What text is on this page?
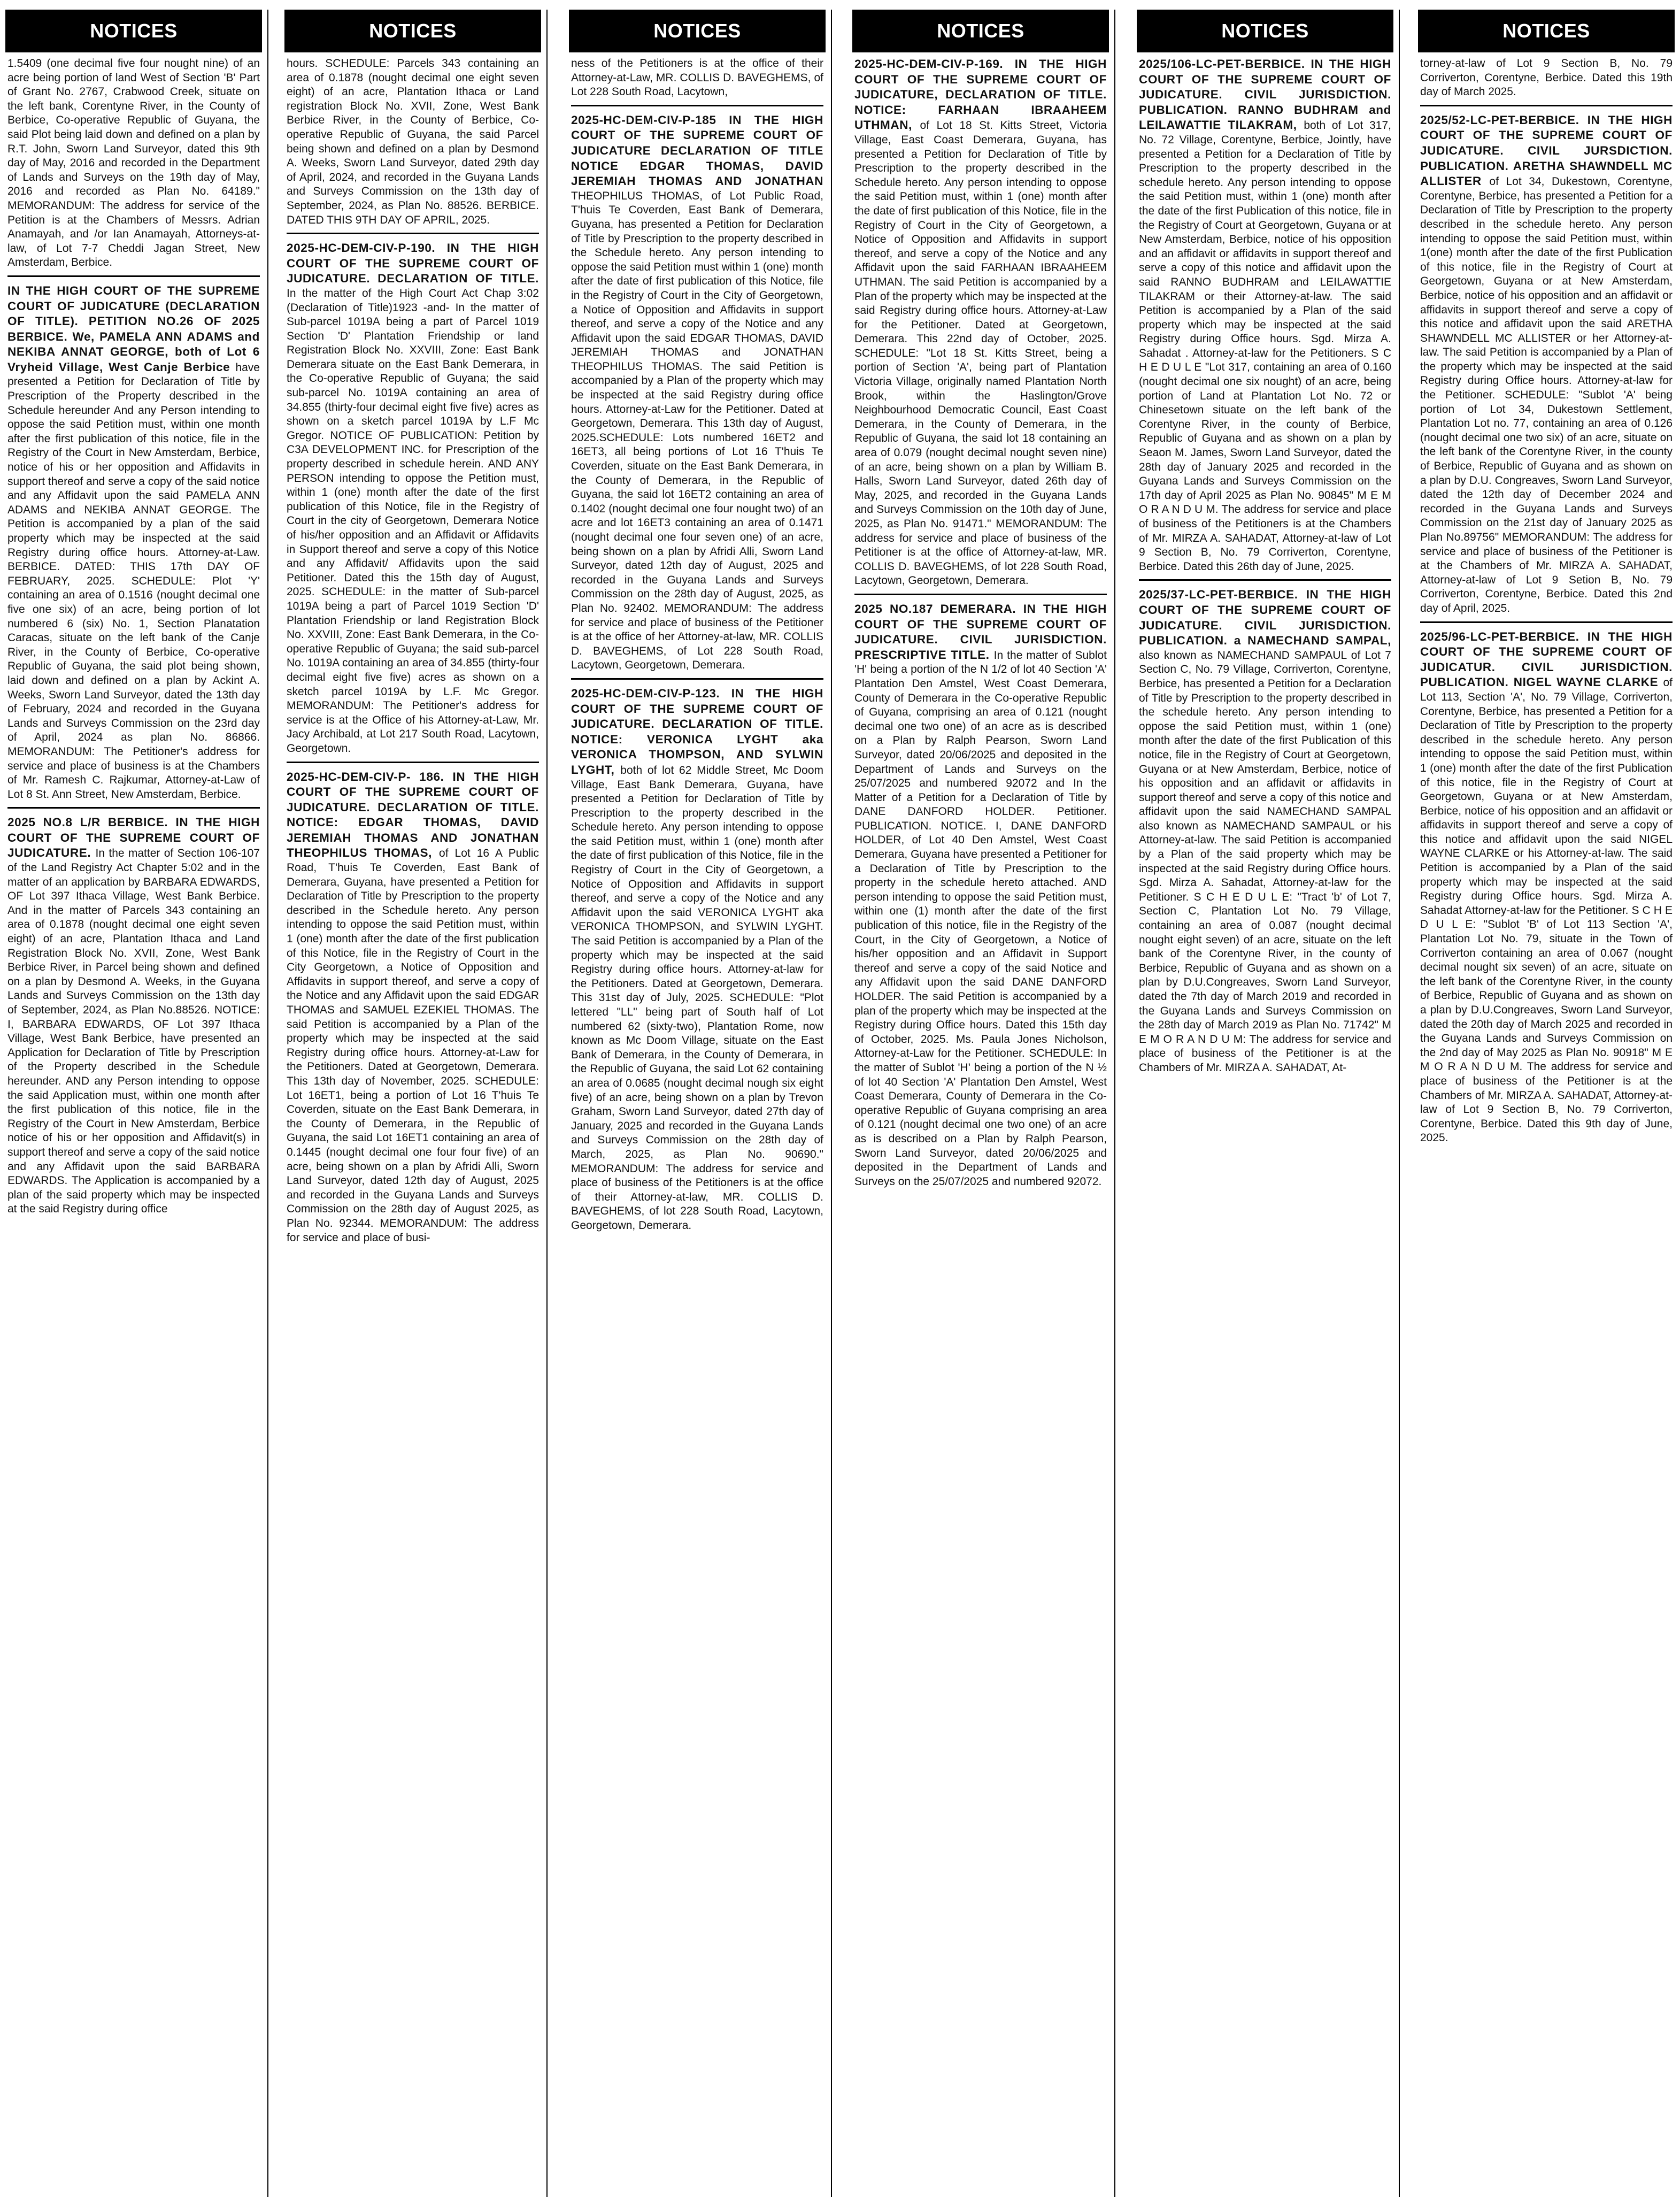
NOTICES

1.5409 (one decimal five four nought nine) of an acre being portion of land West of Section 'B' Part of Grant No. 2767, Crabwood Creek, situate on the left bank, Corentyne River, in the County of Berbice, Co-operative Republic of Guyana, the said Plot being laid down and defined on a plan by R.T. John, Sworn Land Surveyor, dated this 9th day of May, 2016 and recorded in the Department of Lands and Surveys on the 19th day of May, 2016 and recorded as Plan No. 64189." MEMORANDUM: The address for service of the Petition is at the Chambers of Messrs. Adrian Anamayah, and /or Ian Anamayah, Attorneys-at-law, of Lot 7-7 Cheddi Jagan Street, New Amsterdam, Berbice.

IN THE HIGH COURT OF THE SUPREME COURT OF JUDICATURE (DECLARATION OF TITLE). PETITION NO.26 OF 2025 BERBICE. We, PAMELA ANN ADAMS and NEKIBA ANNAT GEORGE, both of Lot 6 Vryheid Village, West Canje Berbice have presented a Petition for Declaration of Title by Prescription of the Property described in the Schedule hereunder And any Person intending to oppose the said Petition must, within one month after the first publication of this notice, file in the Registry of the Court in New Amsterdam, Berbice, notice of his or her opposition and Affidavits in support thereof and serve a copy of the said notice and any Affidavit upon the said PAMELA ANN ADAMS and NEKIBA ANNAT GEORGE. The Petition is accompanied by a plan of the said property which may be inspected at the said Registry during office hours. Attorney-at-Law. BERBICE. DATED: THIS 17th DAY OF FEBRUARY, 2025. SCHEDULE: Plot 'Y' containing an area of 0.1516 (nought decimal one five one six) of an acre, being portion of lot numbered 6 (six) No. 1, Section Planatation Caracas, situate on the left bank of the Canje River, in the County of Berbice, Co-operative Republic of Guyana, the said plot being shown, laid down and defined on a plan by Ackint A. Weeks, Sworn Land Surveyor, dated the 13th day of February, 2024 and recorded in the Guyana Lands and Surveys Commission on the 23rd day of April, 2024 as plan No. 86866. MEMORANDUM: The Petitioner's address for service and place of business is at the Chambers of Mr. Ramesh C. Rajkumar, Attorney-at-Law of Lot 8 St. Ann Street, New Amsterdam, Berbice.

2025 NO.8 L/R BERBICE. IN THE HIGH COURT OF THE SUPREME COURT OF JUDICATURE. In the matter of Section 106-107 of the Land Registry Act Chapter 5:02 and in the matter of an application by BARBARA EDWARDS, OF Lot 397 Ithaca Village, West Bank Berbice. And in the matter of Parcels 343 containing an area of 0.1878 (nought decimal one eight seven eight) of an acre, Plantation Ithaca and Land Registration Block No. XVII, Zone, West Bank Berbice River, in Parcel being shown and defined on a plan by Desmond A. Weeks, in the Guyana Lands and Surveys Commission on the 13th day of September, 2024, as Plan No.88526. NOTICE: I, BARBARA EDWARDS, OF Lot 397 Ithaca Village, West Bank Berbice, have presented an Application for Declaration of Title by Prescription of the Property described in the Schedule hereunder. AND any Person intending to oppose the said Application must, within one month after the first publication of this notice, file in the Registry of the Court in New Amsterdam, Berbice notice of his or her opposition and Affidavit(s) in support thereof and serve a copy of the said notice and any Affidavit upon the said BARBARA EDWARDS. The Application is accompanied by a plan of the said property which may be inspected at the said Registry during office

NOTICES

hours. SCHEDULE: Parcels 343 containing an area of 0.1878 (nought decimal one eight seven eight) of an acre, Plantation Ithaca or Land registration Block No. XVII, Zone, West Bank Berbice River, in the County of Berbice, Co-operative Republic of Guyana, the said Parcel being shown and defined on a plan by Desmond A. Weeks, Sworn Land Surveyor, dated 29th day of April, 2024, and recorded in the Guyana Lands and Surveys Commission on the 13th day of September, 2024, as Plan No. 88526. BERBICE. DATED THIS 9TH DAY OF APRIL, 2025.

2025-HC-DEM-CIV-P-190. IN THE HIGH COURT OF THE SUPREME COURT OF JUDICATURE. DECLARATION OF TITLE. In the matter of the High Court Act Chap 3:02 (Declaration of Title)1923 -and- In the matter of Sub-parcel 1019A being a part of Parcel 1019 Section 'D' Plantation Friendship or land Registration Block No. XXVIII, Zone: East Bank Demerara situate on the East Bank Demerara, in the Co-operative Republic of Guyana; the said sub-parcel No. 1019A containing an area of 34.855 (thirty-four decimal eight five five) acres as shown on a sketch parcel 1019A by L.F Mc Gregor. NOTICE OF PUBLICATION: Petition by C3A DEVELOPMENT INC. for Prescription of the property described in schedule herein. AND ANY PERSON intending to oppose the Petition must, within 1 (one) month after the date of the first publication of this Notice, file in the Registry of Court in the city of Georgetown, Demerara Notice of his/her opposition and an Affidavit or Affidavits in Support thereof and serve a copy of this Notice and any Affidavit/ Affidavits upon the said Petitioner. Dated this the 15th day of August, 2025. SCHEDULE: in the matter of Sub-parcel 1019A being a part of Parcel 1019 Section 'D' Plantation Friendship or land Registration Block No. XXVIII, Zone: East Bank Demerara, in the Co-operative Republic of Guyana; the said sub-parcel No. 1019A containing an area of 34.855 (thirty-four decimal eight five five) acres as shown on a sketch parcel 1019A by L.F. Mc Gregor. MEMORANDUM: The Petitioner's address for service is at the Office of his Attorney-at-Law, Mr. Jacy Archibald, at Lot 217 South Road, Lacytown, Georgetown.

2025-HC-DEM-CIV-P- 186. IN THE HIGH COURT OF THE SUPREME COURT OF JUDICATURE. DECLARATION OF TITLE. NOTICE: EDGAR THOMAS, DAVID JEREMIAH THOMAS AND JONATHAN THEOPHILUS THOMAS, of Lot 16 A Public Road, T'huis Te Coverden, East Bank of Demerara, Guyana, have presented a Petition for Declaration of Title by Prescription to the property described in the Schedule hereto. Any person intending to oppose the said Petition must, within 1 (one) month after the date of the first publication of this Notice, file in the Registry of Court in the City Georgetown, a Notice of Opposition and Affidavits in support thereof, and serve a copy of the Notice and any Affidavit upon the said EDGAR THOMAS and SAMUEL EZEKIEL THOMAS. The said Petition is accompanied by a Plan of the property which may be inspected at the said Registry during office hours. Attorney-at-Law for the Petitioners. Dated at Georgetown, Demerara. This 13th day of November, 2025. SCHEDULE: Lot 16ET1, being a portion of Lot 16 T'huis Te Coverden, situate on the East Bank Demerara, in the County of Demerara, in the Republic of Guyana, the said Lot 16ET1 containing an area of 0.1445 (nought decimal one four four five) of an acre, being shown on a plan by Afridi Alli, Sworn Land Surveyor, dated 12th day of August, 2025 and recorded in the Guyana Lands and Surveys Commission on the 28th day of August 2025, as Plan No. 92344. MEMORANDUM: The address for service and place of busi-

NOTICES

ness of the Petitioners is at the office of their Attorney-at-Law, MR. COLLIS D. BAVEGHEMS, of Lot 228 South Road, Lacytown,

2025-HC-DEM-CIV-P-185 IN THE HIGH COURT OF THE SUPREME COURT OF JUDICATURE DECLARATION OF TITLE NOTICE EDGAR THOMAS, DAVID JEREMIAH THOMAS AND JONATHAN THEOPHILUS THOMAS, of Lot Public Road, T'huis Te Coverden, East Bank of Demerara, Guyana, has presented a Petition for Declaration of Title by Prescription to the property described in the Schedule hereto. Any person intending to oppose the said Petition must within 1 (one) month after the date of first publication of this Notice, file in the Registry of Court in the City of Georgetown, a Notice of Opposition and Affidavits in support thereof, and serve a copy of the Notice and any Affidavit upon the said EDGAR THOMAS, DAVID JEREMIAH THOMAS and JONATHAN THEOPHILUS THOMAS. The said Petition is accompanied by a Plan of the property which may be inspected at the said Registry during office hours. Attorney-at-Law for the Petitioner. Dated at Georgetown, Demerara. This 13th day of August, 2025.SCHEDULE: Lots numbered 16ET2 and 16ET3, all being portions of Lot 16 T'huis Te Coverden, situate on the East Bank Demerara, in the County of Demerara, in the Republic of Guyana, the said lot 16ET2 containing an area of 0.1402 (nought decimal one four nought two) of an acre and lot 16ET3 containing an area of 0.1471 (nought decimal one four seven one) of an acre, being shown on a plan by Afridi Alli, Sworn Land Surveyor, dated 12th day of August, 2025 and recorded in the Guyana Lands and Surveys Commission on the 28th day of August, 2025, as Plan No. 92402. MEMORANDUM: The address for service and place of business of the Petitioner is at the office of her Attorney-at-law, MR. COLLIS D. BAVEGHEMS, of Lot 228 South Road, Lacytown, Georgetown, Demerara.

2025-HC-DEM-CIV-P-123. IN THE HIGH COURT OF THE SUPREME COURT OF JUDICATURE. DECLARATION OF TITLE. NOTICE: VERONICA LYGHT aka VERONICA THOMPSON, AND SYLWIN LYGHT, both of lot 62 Middle Street, Mc Doom Village, East Bank Demerara, Guyana, have presented a Petition for Declaration of Title by Prescription to the property described in the Schedule hereto. Any person intending to oppose the said Petition must, within 1 (one) month after the date of first publication of this Notice, file in the Registry of Court in the City of Georgetown, a Notice of Opposition and Affidavits in support thereof, and serve a copy of the Notice and any Affidavit upon the said VERONICA LYGHT aka VERONICA THOMPSON, and SYLWIN LYGHT. The said Petition is accompanied by a Plan of the property which may be inspected at the said Registry during office hours. Attorney-at-law for the Petitioners. Dated at Georgetown, Demerara. This 31st day of July, 2025. SCHEDULE: "Plot lettered "LL" being part of South half of Lot numbered 62 (sixty-two), Plantation Rome, now known as Mc Doom Village, situate on the East Bank of Demerara, in the County of Demerara, in the Republic of Guyana, the said Lot 62 containing an area of 0.0685 (nought decimal nough six eight five) of an acre, being shown on a plan by Trevon Graham, Sworn Land Surveyor, dated 27th day of January, 2025 and recorded in the Guyana Lands and Surveys Commission on the 28th day of March, 2025, as Plan No. 90690." MEMORANDUM: The address for service and place of business of the Petitioners is at the office of their Attorney-at-law, MR. COLLIS D. BAVEGHEMS, of lot 228 South Road, Lacytown, Georgetown, Demerara.

NOTICES

2025-HC-DEM-CIV-P-169. IN THE HIGH COURT OF THE SUPREME COURT OF JUDICATURE, DECLARATION OF TITLE. NOTICE: FARHAAN IBRAAHEEM UTHMAN, of Lot 18 St. Kitts Street, Victoria Village, East Coast Demerara, Guyana, has presented a Petition for Declaration of Title by Prescription to the property described in the Schedule hereto. Any person intending to oppose the said Petition must, within 1 (one) month after the date of first publication of this Notice, file in the Registry of Court in the City of Georgetown, a Notice of Opposition and Affidavits in support thereof, and serve a copy of the Notice and any Affidavit upon the said FARHAAN IBRAAHEEM UTHMAN. The said Petition is accompanied by a Plan of the property which may be inspected at the said Registry during office hours. Attorney-at-Law for the Petitioner. Dated at Georgetown, Demerara. This 22nd day of October, 2025. SCHEDULE: "Lot 18 St. Kitts Street, being a portion of Section 'A', being part of Plantation Victoria Village, originally named Plantation North Brook, within the Haslington/Grove Neighbourhood Democratic Council, East Coast Demerara, in the County of Demerara, in the Republic of Guyana, the said lot 18 containing an area of 0.079 (nought decimal nought seven nine) of an acre, being shown on a plan by William B. Halls, Sworn Land Surveyor, dated 26th day of May, 2025, and recorded in the Guyana Lands and Surveys Commission on the 10th day of June, 2025, as Plan No. 91471." MEMORANDUM: The address for service and place of business of the Petitioner is at the office of Attorney-at-law, MR. COLLIS D. BAVEGHEMS, of lot 228 South Road, Lacytown, Georgetown, Demerara.

2025 NO.187 DEMERARA. IN THE HIGH COURT OF THE SUPREME COURT OF JUDICATURE. CIVIL JURISDICTION. PRESCRIPTIVE TITLE. In the matter of Sublot 'H' being a portion of the N 1/2 of lot 40 Section 'A' Plantation Den Amstel, West Coast Demerara, County of Demerara in the Co-operative Republic of Guyana, comprising an area of 0.121 (nought decimal one two one) of an acre as is described on a Plan by Ralph Pearson, Sworn Land Surveyor, dated 20/06/2025 and deposited in the Department of Lands and Surveys on the 25/07/2025 and numbered 92072 and In the Matter of a Petition for a Declaration of Title by DANE DANFORD HOLDER. Petitioner. PUBLICATION. NOTICE. I, DANE DANFORD HOLDER, of Lot 40 Den Amstel, West Coast Demerara, Guyana have presented a Petitioner for a Declaration of Title by Prescription to the property in the schedule hereto attached. AND person intending to oppose the said Petition must, within one (1) month after the date of the first publication of this notice, file in the Registry of the Court, in the City of Georgetown, a Notice of his/her opposition and an Affidavit in Support thereof and serve a copy of the said Notice and any Affidavit upon the said DANE DANFORD HOLDER. The said Petition is accompanied by a plan of the property which may be inspected at the Registry during Office hours. Dated this 15th day of October, 2025. Ms. Paula Jones Nicholson, Attorney-at-Law for the Petitioner. SCHEDULE: In the matter of Sublot 'H' being a portion of the N ½ of lot 40 Section 'A' Plantation Den Amstel, West Coast Demerara, County of Demerara in the Co-operative Republic of Guyana comprising an area of 0.121 (nought decimal one two one) of an acre as is described on a Plan by Ralph Pearson, Sworn Land Surveyor, dated 20/06/2025 and deposited in the Department of Lands and Surveys on the 25/07/2025 and numbered 92072.

NOTICES

2025/106-LC-PET-BERBICE. IN THE HIGH COURT OF THE SUPREME COURT OF JUDICATURE. CIVIL JURISDICTION. PUBLICATION. RANNO BUDHRAM and LEILAWATTIE TILAKRAM, both of Lot 317, No. 72 Village, Corentyne, Berbice, Jointly, have presented a Petition for a Declaration of Title by Prescription to the property described in the schedule hereto. Any person intending to oppose the said Petition must, within 1 (one) month after the date of the first Publication of this notice, file in the Registry of Court at Georgetown, Guyana or at New Amsterdam, Berbice, notice of his opposition and an affidavit or affidavits in support thereof and serve a copy of this notice and affidavit upon the said RANNO BUDHRAM and LEILAWATTIE TILAKRAM or their Attorney-at-law. The said Petition is accompanied by a Plan of the said property which may be inspected at the said Registry during Office hours. Sgd. Mirza A. Sahadat . Attorney-at-law for the Petitioners. S C H E D U L E "Lot 317, containing an area of 0.160 (nought decimal one six nought) of an acre, being portion of Land at Plantation Lot No. 72 or Chinesetown situate on the left bank of the Corentyne River, in the county of Berbice, Republic of Guyana and as shown on a plan by Seaon M. James, Sworn Land Surveyor, dated the 28th day of January 2025 and recorded in the Guyana Lands and Surveys Commission on the 17th day of April 2025 as Plan No. 90845" M E M O R A N D U M. The address for service and place of business of the Petitioners is at the Chambers of Mr. MIRZA A. SAHADAT, Attorney-at-law of Lot 9 Section B, No. 79 Corriverton, Corentyne, Berbice. Dated this 26th day of June, 2025.

2025/37-LC-PET-BERBICE. IN THE HIGH COURT OF THE SUPREME COURT OF JUDICATURE. CIVIL JURISDICTION. PUBLICATION. a NAMECHAND SAMPAL, also known as NAMECHAND SAMPAUL of Lot 7 Section C, No. 79 Village, Corriverton, Corentyne, Berbice, has presented a Petition for a Declaration of Title by Prescription to the property described in the schedule hereto. Any person intending to oppose the said Petition must, within 1 (one) month after the date of the first Publication of this notice, file in the Registry of Court at Georgetown, Guyana or at New Amsterdam, Berbice, notice of his opposition and an affidavit or affidavits in support thereof and serve a copy of this notice and affidavit upon the said NAMECHAND SAMPAL also known as NAMECHAND SAMPAUL or his Attorney-at-law. The said Petition is accompanied by a Plan of the said property which may be inspected at the said Registry during Office hours. Sgd. Mirza A. Sahadat, Attorney-at-law for the Petitioner. S C H E D U L E: "Tract 'b' of Lot 7, Section C, Plantation Lot No. 79 Village, containing an area of 0.087 (nought decimal nought eight seven) of an acre, situate on the left bank of the Corentyne River, in the county of Berbice, Republic of Guyana and as shown on a plan by D.U.Congreaves, Sworn Land Surveyor, dated the 7th day of March 2019 and recorded in the Guyana Lands and Surveys Commission on the 28th day of March 2019 as Plan No. 71742" M E M O R A N D U M: The address for service and place of business of the Petitioner is at the Chambers of Mr. MIRZA A. SAHADAT, At-

NOTICES

torney-at-law of Lot 9 Section B, No. 79 Corriverton, Corentyne, Berbice. Dated this 19th day of March 2025.

2025/52-LC-PET-BERBICE. IN THE HIGH COURT OF THE SUPREME COURT OF JUDICATURE. CIVIL JURSDICTION. PUBLICATION. ARETHA SHAWNDELL MC ALLISTER of Lot 34, Dukestown, Corentyne, Corentyne, Berbice, has presented a Petition for a Declaration of Title by Prescription to the property described in the schedule hereto. Any person intending to oppose the said Petition must, within 1(one) month after the date of the first Publication of this notice, file in the Registry of Court at Georgetown, Guyana or at New Amsterdam, Berbice, notice of his opposition and an affidavit or affidavits in support thereof and serve a copy of this notice and affidavit upon the said ARETHA SHAWNDELL MC ALLISTER or her Attorney-at-law. The said Petition is accompanied by a Plan of the property which may be inspected at the said Registry during Office hours. Attorney-at-law for the Petitioner. SCHEDULE: "Sublot 'A' being portion of Lot 34, Dukestown Settlement, Plantation Lot no. 77, containing an area of 0.126 (nought decimal one two six) of an acre, situate on the left bank of the Corentyne River, in the county of Berbice, Republic of Guyana and as shown on a plan by D.U. Congreaves, Sworn Land Surveyor, dated the 12th day of December 2024 and recorded in the Guyana Lands and Surveys Commission on the 21st day of January 2025 as Plan No.89756" MEMORANDUM: The address for service and place of business of the Petitioner is at the Chambers of Mr. MIRZA A. SAHADAT, Attorney-at-law of Lot 9 Setion B, No. 79 Corriverton, Corentyne, Berbice. Dated this 2nd day of April, 2025.

2025/96-LC-PET-BERBICE. IN THE HIGH COURT OF THE SUPREME COURT OF JUDICATUR. CIVIL JURISDICTION. PUBLICATION. NIGEL WAYNE CLARKE of Lot 113, Section 'A', No. 79 Village, Corriverton, Corentyne, Berbice, has presented a Petition for a Declaration of Title by Prescription to the property described in the schedule hereto. Any person intending to oppose the said Petition must, within 1 (one) month after the date of the first Publication of this notice, file in the Registry of Court at Georgetown, Guyana or at New Amsterdam, Berbice, notice of his opposition and an affidavit or affidavits in support thereof and serve a copy of this notice and affidavit upon the said NIGEL WAYNE CLARKE or his Attorney-at-law. The said Petition is accompanied by a Plan of the said property which may be inspected at the said Registry during Office hours. Sgd. Mirza A. Sahadat Attorney-at-law for the Petitioner. S C H E D U L E: "Sublot 'B' of Lot 113 Section 'A', Plantation Lot No. 79, situate in the Town of Corriverton containing an area of 0.067 (nought decimal nought six seven) of an acre, situate on the left bank of the Corentyne River, in the county of Berbice, Republic of Guyana and as shown on a plan by D.U.Congreaves, Sworn Land Surveyor, dated the 20th day of March 2025 and recorded in the Guyana Lands and Surveys Commission on the 2nd day of May 2025 as Plan No. 90918" M E M O R A N D U M. The address for service and place of business of the Petitioner is at the Chambers of Mr. MIRZA A. SAHADAT, Attorney-at-law of Lot 9 Section B, No. 79 Corriverton, Corentyne, Berbice. Dated this 9th day of June, 2025.
